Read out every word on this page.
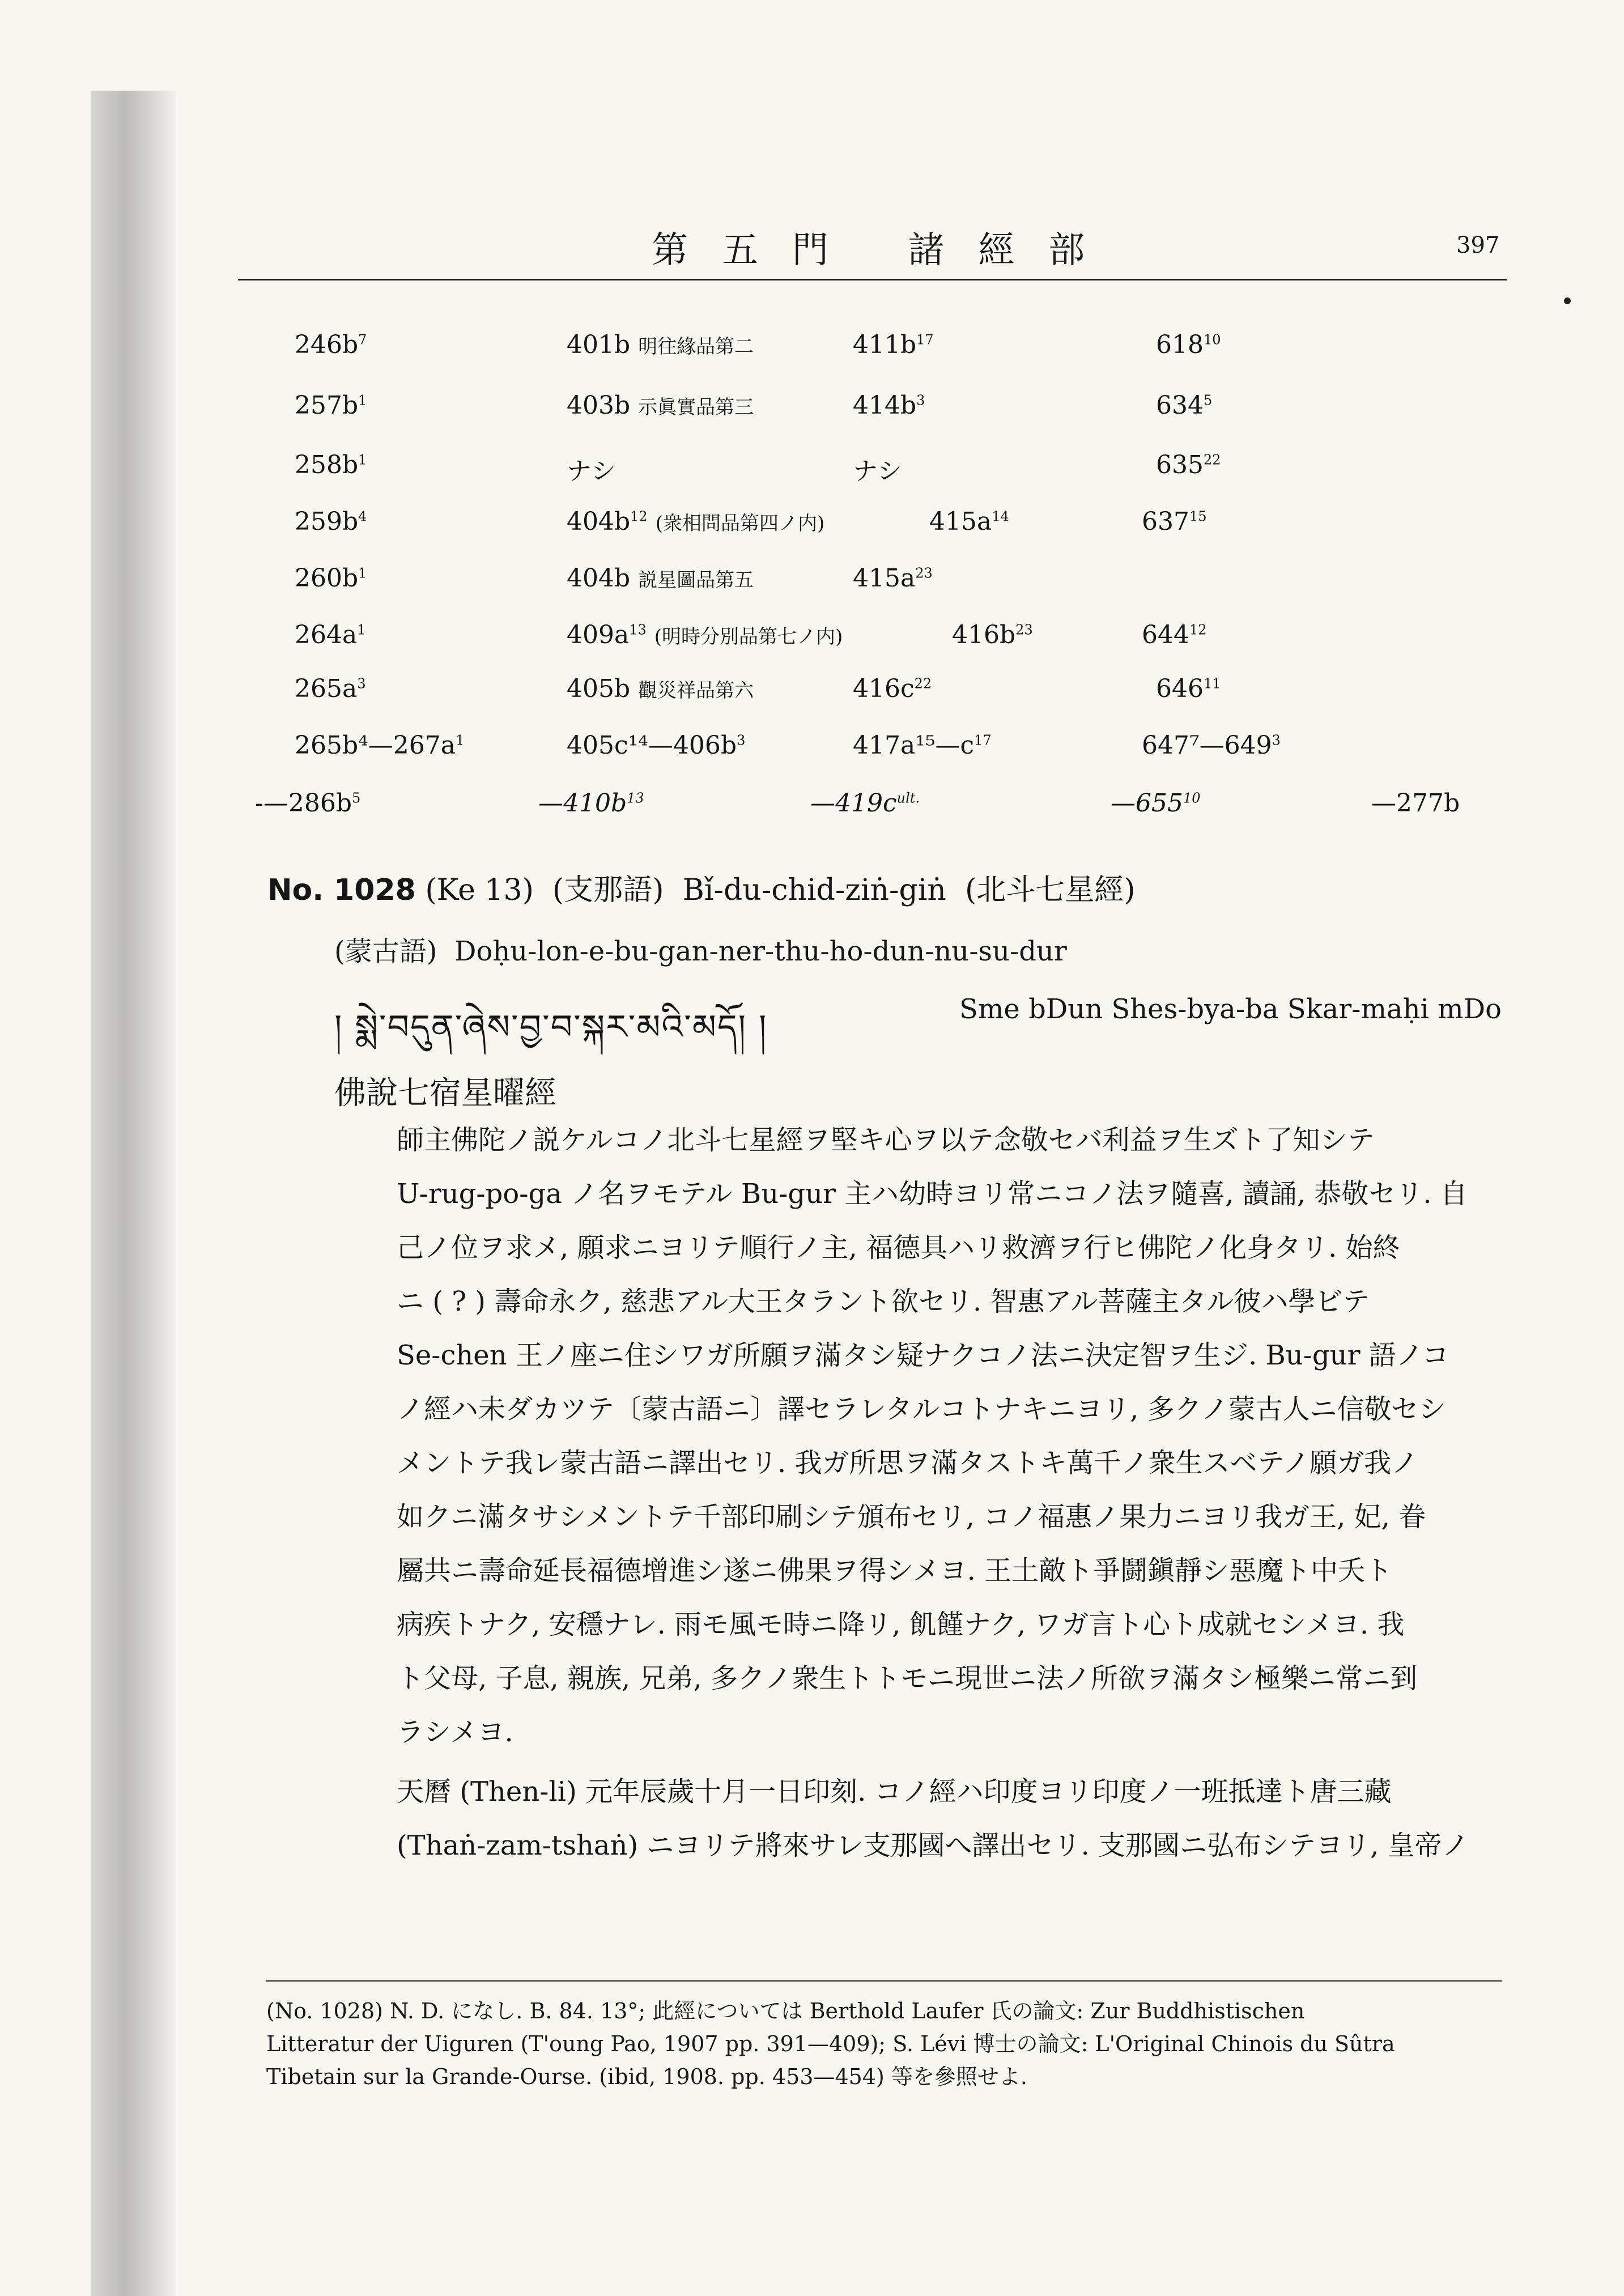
第五門 諸經部	397
$246b^7$	401b 明往緣品第二	$411b^{17}$	$618^{10}$
$257b^1$	403b 示眞實品第三	$414b^3$	$634^5$
$258b^1$	ナシ	ナシ	$635^{22}$
$259b^4$	$404b^{12}$ (衆相問品第四ノ内)	$415a^{14}$	$637^{15}$
$260b^1$	404b 説星圖品第五	$415a^{23}$
$264a^1$	$409a^{13}$ (明時分別品第七ノ内)	$416b^{23}$	$644^{12}$
$265a^3$	405b 觀災祥品第六	$416c^{22}$	$646^{11}$
$265b^4—267a^1$	$405c^{14}—406b^3$	$417a^{15}—c^{17}$	$647^7—649^3$
$-—286b^5$	$—410b^{13}$	$—419c^{ult.}$	$—655^{10}$	—277b
No. 1028 (Ke 13) (支那語) Bǐ-du-chid-ziṅ-giṅ (北斗七星經)
(蒙古語) Doḥu-lon-e-bu-gan-ner-thu-ho-dun-nu-su-dur
། སྨེ་བདུན་ཞེས་བྱ་བ་སྐར་མའི་མདོ། །	Sme bDun Shes-bya-ba Skar-maḥi mDo
佛說七宿星曜經

師主佛陀ノ説ケルコノ北斗七星經ヲ堅キ心ヲ以テ念敬セバ利益ヲ生ズト了知シテ

U-rug-po-ga ノ名ヲモテル Bu-gur 主ハ幼時ヨリ常ニコノ法ヲ隨喜, 讀誦, 恭敬セリ. 自

己ノ位ヲ求メ, 願求ニヨリテ順行ノ主, 福德具ハリ救濟ヲ行ヒ佛陀ノ化身タリ. 始終

ニ ( ? ) 壽命永ク, 慈悲アル大王タラント欲セリ. 智惠アル菩薩主タル彼ハ學ビテ

Se-chen 王ノ座ニ住シワガ所願ヲ滿タシ疑ナクコノ法ニ決定智ヲ生ジ. Bu-gur 語ノコ

ノ經ハ未ダカツテ〔蒙古語ニ〕譯セラレタルコトナキニヨリ, 多クノ蒙古人ニ信敬セシ

メントテ我レ蒙古語ニ譯出セリ. 我ガ所思ヲ滿タストキ萬千ノ衆生スベテノ願ガ我ノ

如クニ滿タサシメントテ千部印刷シテ頒布セリ, コノ福惠ノ果力ニヨリ我ガ王, 妃, 眷

屬共ニ壽命延長福德增進シ遂ニ佛果ヲ得シメヨ. 王土敵ト爭鬪鎭靜シ惡魔ト中夭ト

病疾トナク, 安穩ナレ. 雨モ風モ時ニ降リ, 飢饉ナク, ワガ言ト心ト成就セシメヨ. 我

ト父母, 子息, 親族, 兄弟, 多クノ衆生トトモニ現世ニ法ノ所欲ヲ滿タシ極樂ニ常ニ到

ラシメヨ.

天曆 (Then-li) 元年辰歲十月一日印刻. コノ經ハ印度ヨリ印度ノ一班抵達ト唐三藏

(Thaṅ-zam-tshaṅ) ニヨリテ將來サレ支那國へ譯出セリ. 支那國ニ弘布シテヨリ, 皇帝ノ

(No. 1028) N. D. になし. B. 84. 13°; 此經については Berthold Laufer 氏の論文: Zur Buddhistischen

Litteratur der Uiguren (T'oung Pao, 1907 pp. 391—409); S. Lévi 博士の論文: L'Original Chinois du Sûtra

Tibetain sur la Grande-Ourse. (ibid, 1908. pp. 453—454) 等を參照せよ.
